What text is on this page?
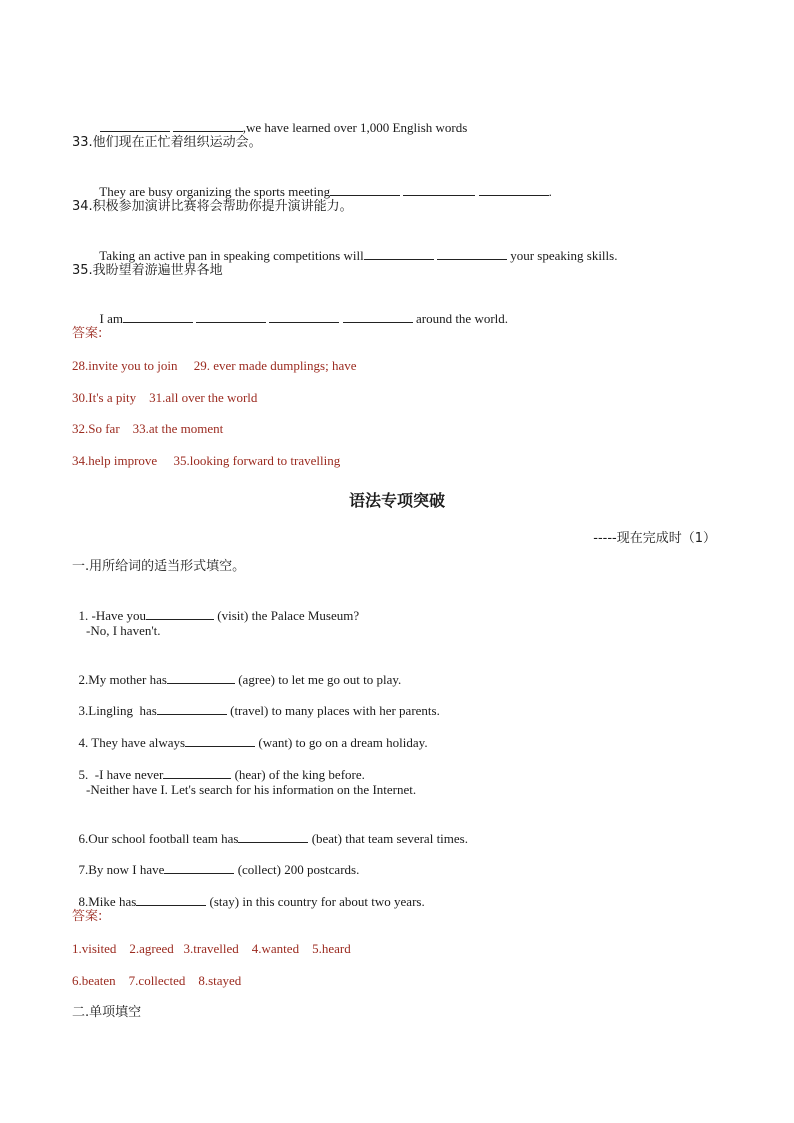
,we have learned over 1,000 English words

33.他们现在正忙着组织运动会。

They are busy organizing the sports meeting	.

34.积极参加演讲比赛将会帮助你提升演讲能力。

Taking an active pan in speaking competitions will	your speaking skills.

35.我盼望着游遍世界各地

I am	around the world.

答案:
28.invite you to join     29. ever made dumplings; have
30.It's a pity    31.all over the world
32.So far    33.at the moment
34.help improve     35.looking forward to travelling
语法专项突破
-----现在完成时（1）
一.用所给词的适当形式填空。

1. -Have you	(visit) the Palace Museum?

-No, I haven't.

2.My mother has	(agree) to let me go out to play.

3.Lingling  has	(travel) to many places with her parents.

4. They have always	(want) to go on a dream holiday.

5.  -I have never	(hear) of the king before.

-Neither have I. Let's search for his information on the Internet.

6.Our school football team has	(beat) that team several times.

7.By now I have	(collect) 200 postcards.

8.Mike has	(stay) in this country for about two years.

答案:
1.visited    2.agreed   3.travelled    4.wanted    5.heard
6.beaten    7.collected    8.stayed
二.单项填空
